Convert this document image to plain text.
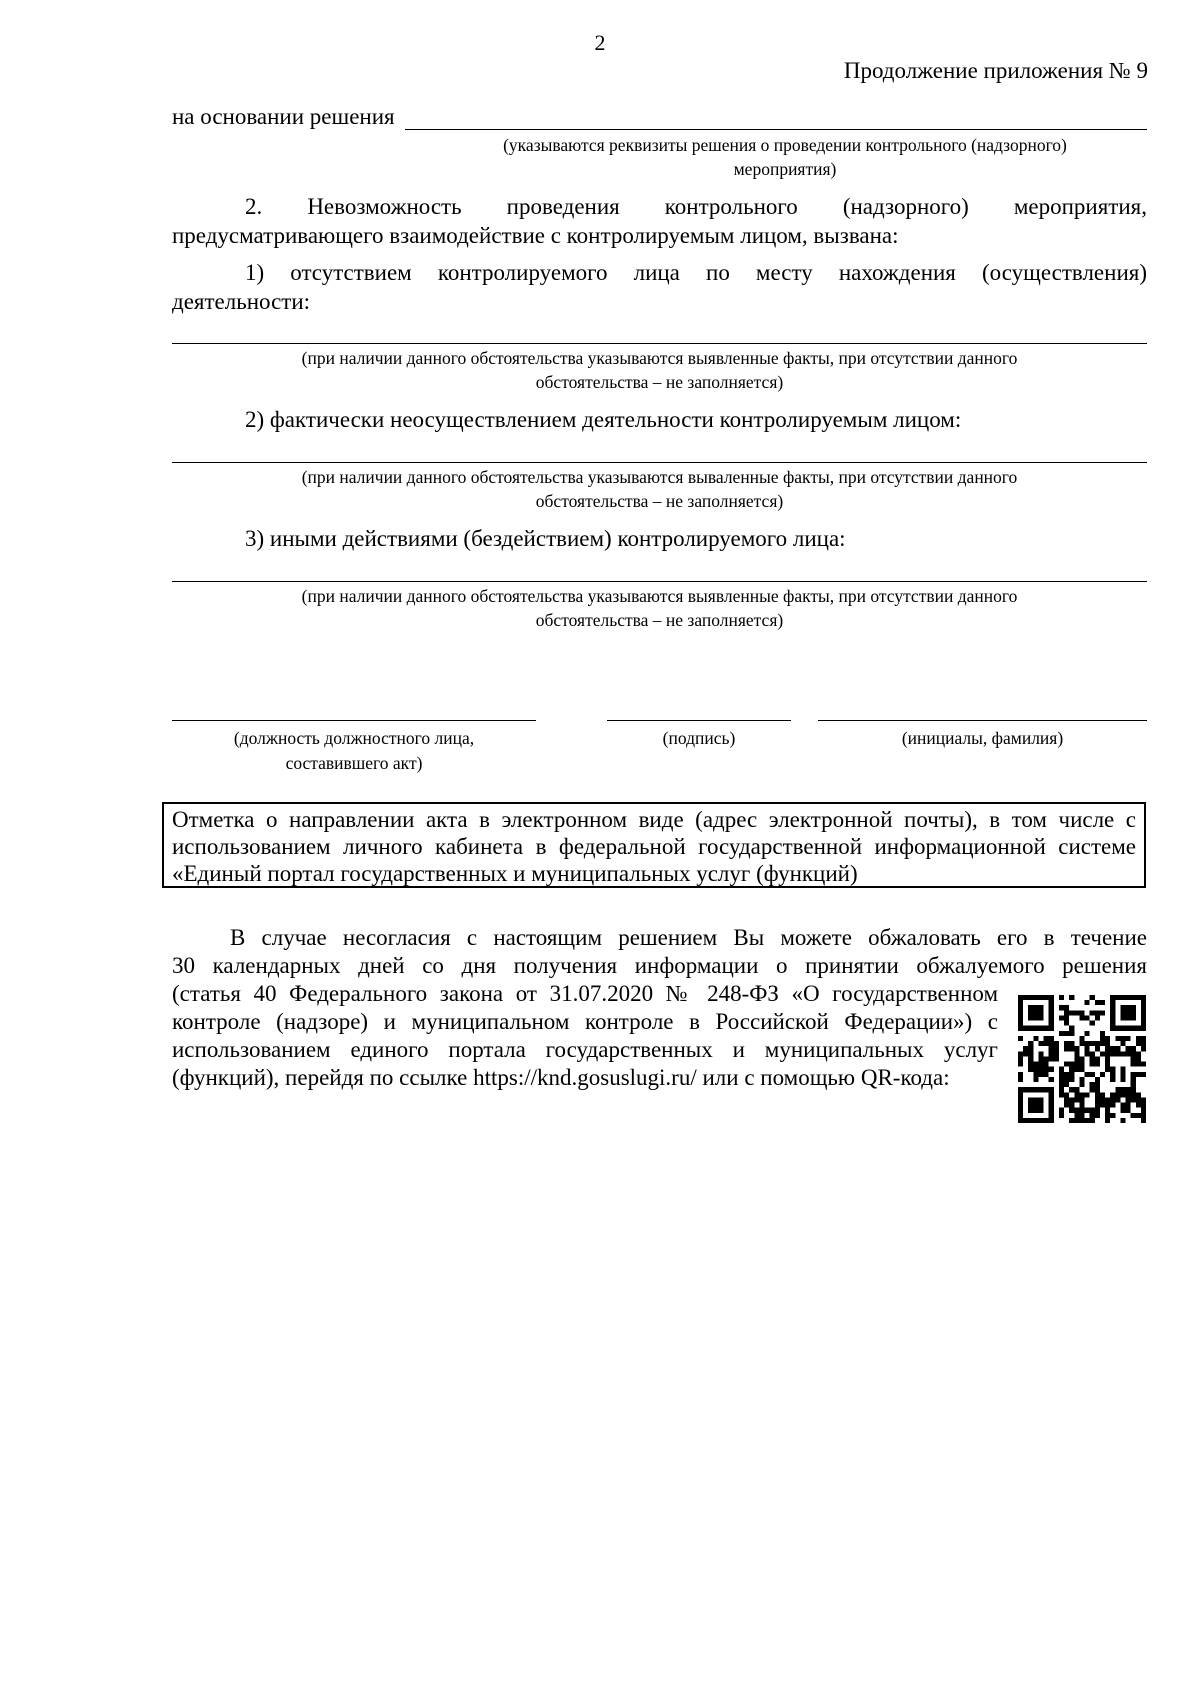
2
Продолжение приложения № 9
на основании решения
(указываются реквизиты решения о проведении контрольного (надзорного)
мероприятия)
2. Невозможность проведения контрольного (надзорного) мероприятия,
предусматривающего взаимодействие с контролируемым лицом, вызвана:
1) отсутствием контролируемого лица по месту нахождения (осуществления)
деятельности:
(при наличии данного обстоятельства указываются выявленные факты, при отсутствии данного
обстоятельства – не заполняется)
2) фактически неосуществлением деятельности контролируемым лицом:
(при наличии данного обстоятельства указываются вываленные факты, при отсутствии данного
обстоятельства – не заполняется)
3) иными действиями (бездействием) контролируемого лица:
(при наличии данного обстоятельства указываются выявленные факты, при отсутствии данного
обстоятельства – не заполняется)
(должность должностного лица,
составившего акт)
(подпись)	(инициалы, фамилия)
Отметка о направлении акта в электронном виде (адрес электронной почты), в том числе с использованием личного кабинета в федеральной государственной информационной системе «Единый портал государственных и муниципальных услуг (функций)
В случае несогласия с настоящим решением Вы можете обжаловать его в течение
30 календарных дней со дня получения информации о принятии обжалуемого решения
(статья 40 Федерального закона от 31.07.2020 № 248-ФЗ «О государственном контроле (надзоре) и муниципальном контроле в Российской Федерации») с использованием единого портала государственных и муниципальных услуг (функций), перейдя по ссылке https://knd.gosuslugi.ru/ или с помощью QR-кода:
